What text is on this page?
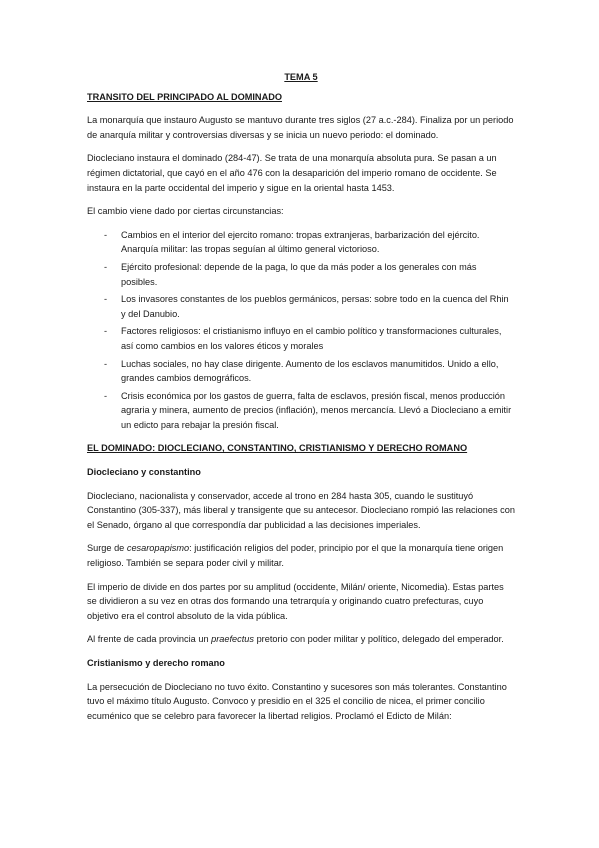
TEMA 5
TRANSITO DEL PRINCIPADO AL DOMINADO

La monarquía que instauro Augusto se mantuvo durante tres siglos (27 a.c.-284). Finaliza por un periodo de anarquía militar y controversias diversas y se inicia un nuevo periodo: el dominado.

Diocleciano instaura el dominado (284-47). Se trata de una monarquía absoluta pura. Se pasan a un régimen dictatorial, que cayó en el año 476 con la desaparición del imperio romano de occidente. Se instaura en la parte occidental del imperio y sigue en la oriental hasta 1453.

El cambio viene dado por ciertas circunstancias:

- Cambios en el interior del ejercito romano: tropas extranjeras, barbarización del ejército. Anarquía militar: las tropas seguían al último general victorioso.
- Ejército profesional: depende de la paga, lo que da más poder a los generales con más posibles.
- Los invasores constantes de los pueblos germánicos, persas: sobre todo en la cuenca del Rhin y del Danubio.
- Factores religiosos: el cristianismo influyo en el cambio político y transformaciones culturales, así como cambios en los valores éticos y morales
- Luchas sociales, no hay clase dirigente. Aumento de los esclavos manumitidos. Unido a ello, grandes cambios demográficos.
- Crisis económica por los gastos de guerra, falta de esclavos, presión fiscal, menos producción agraria y minera, aumento de precios (inflación), menos mercancía. Llevó a Diocleciano a emitir un edicto para rebajar la presión fiscal.
EL DOMINADO: DIOCLECIANO, CONSTANTINO, CRISTIANISMO Y DERECHO ROMANO
Diocleciano y constantino

Diocleciano, nacionalista y conservador, accede al trono en 284 hasta 305, cuando le sustituyó Constantino (305-337), más liberal y transigente que su antecesor. Diocleciano rompió las relaciones con el Senado, órgano al que correspondía dar publicidad a las decisiones imperiales.

Surge de cesaropapismo: justificación religios del poder, principio por el que la monarquía tiene origen religioso. También se separa poder civil y militar.

El imperio de divide en dos partes por su amplitud (occidente, Milán/ oriente, Nicomedia). Estas partes se dividieron a su vez en otras dos formando una tetrarquía y originando cuatro prefecturas, cuyo objetivo era el control absoluto de la vida pública.

Al frente de cada provincia un praefectus pretorio con poder militar y político, delegado del emperador.

Cristianismo y derecho romano

La persecución de Diocleciano no tuvo éxito. Constantino y sucesores son más tolerantes. Constantino tuvo el máximo título Augusto. Convoco y presidio en el 325 el concilio de nicea, el primer concilio ecuménico que se celebro para favorecer la libertad religios. Proclamó el Edicto de Milán:
